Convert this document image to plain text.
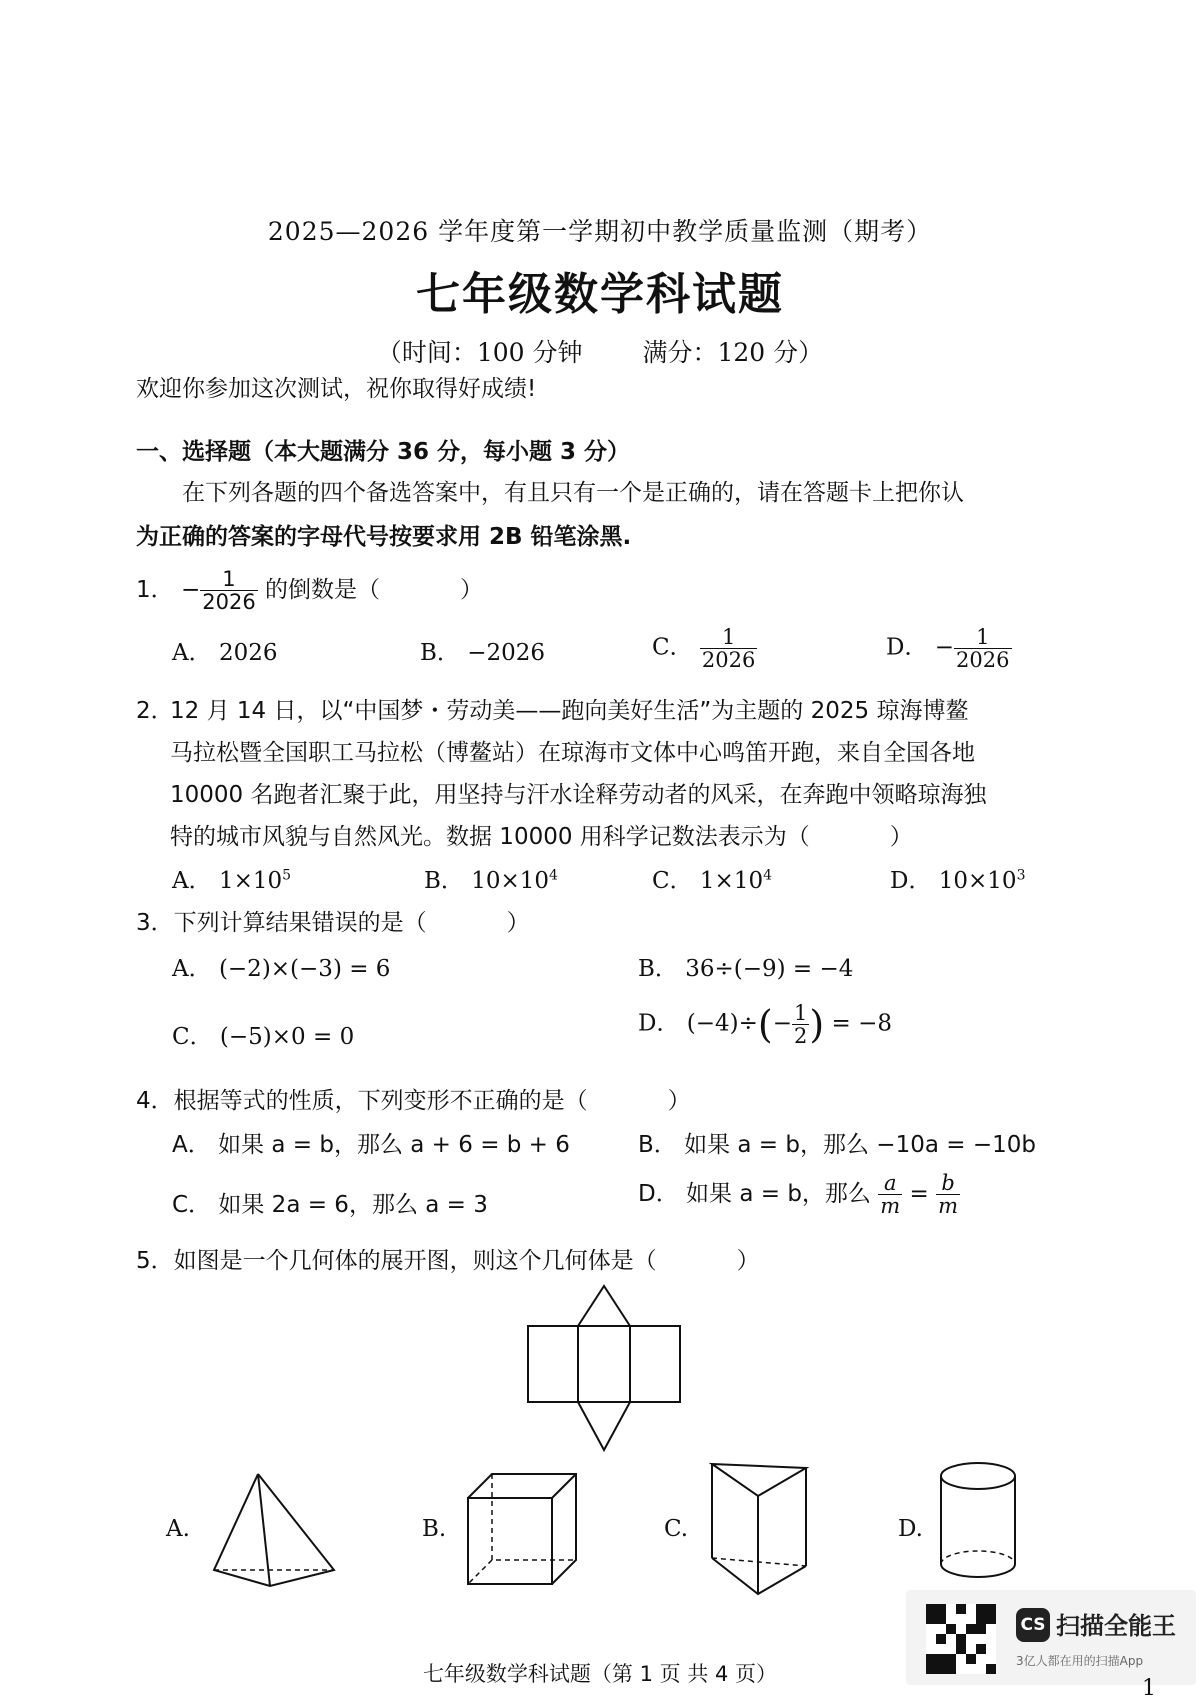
2025—2026 学年度第一学期初中教学质量监测（期考）
七年级数学科试题
（时间：100 分钟 满分：120 分）
欢迎你参加这次测试，祝你取得好成绩!
一、选择题（本大题满分 36 分，每小题 3 分）
在下列各题的四个备选答案中，有且只有一个是正确的，请在答题卡上把你认
为正确的答案的字母代号按要求用 2B 铅笔涂黑.
1． − $\frac{1}{2026}$ 的倒数是（	）
A． 2026	B． −2026	C． $\frac{1}{2026}$	D． − $\frac{1}{2026}$
2．
12 月 14 日，以“中国梦・劳动美——跑向美好生活”为主题的 2025 琼海博鳌
马拉松暨全国职工马拉松（博鳌站）在琼海市文体中心鸣笛开跑，来自全国各地
10000 名跑者汇聚于此，用坚持与汗水诠释劳动者的风采，在奔跑中领略琼海独
特的城市风貌与自然风光。数据 10000 用科学记数法表示为（	）
A． $1\times 10^5$	B． $10\times 10^4$	C． $1\times 10^4$	D． $10\times 10^3$
3．下列计算结果错误的是（	）
A． (−2)×(−3) = 6	B． 36÷(−9) = −4
C． (−5)×0 = 0
D． $(-4)\div(- \frac{1}{2}$ ) = −8
4．根据等式的性质，下列变形不正确的是（	）
A． 如果 a = b，那么 a + 6 = b + 6	B． 如果 a = b，那么 −10a = −10b
C． 如果 2a = 6，那么 a = 3	D． 如果 a = b，那么 $\frac{a}{m} = \frac{b}{m}$
5．如图是一个几何体的展开图，则这个几何体是（	）
A.	B.	C.	D.
七年级数学科试题（第 1 页 共 4 页）
CS 扫描全能王
3亿人都在用的扫描App
1
